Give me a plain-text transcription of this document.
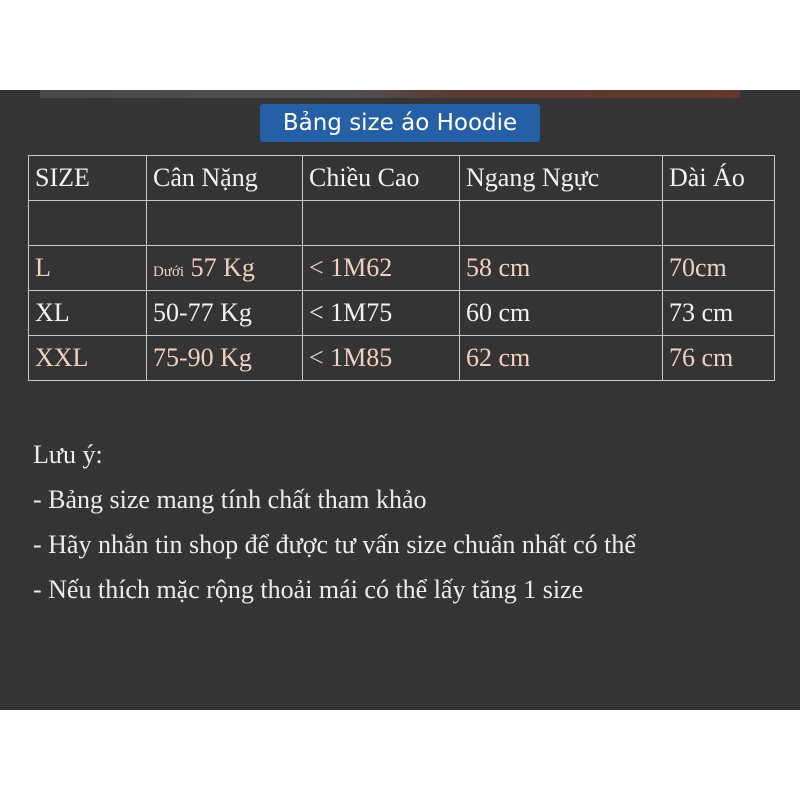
Bảng size áo Hoodie
SIZE	Cân Nặng	Chiều Cao	Ngang Ngực	Dài Áo

L	Dưới 57 Kg	< 1M62	58 cm	70cm
XL	50-77 Kg	< 1M75	60 cm	73 cm
XXL	75-90 Kg	< 1M85	62 cm	76 cm
Lưu ý:
- Bảng size mang tính chất tham khảo
- Hãy nhắn tin shop để được tư vấn size chuẩn nhất có thể
- Nếu thích mặc rộng thoải mái có thể lấy tăng 1 size
